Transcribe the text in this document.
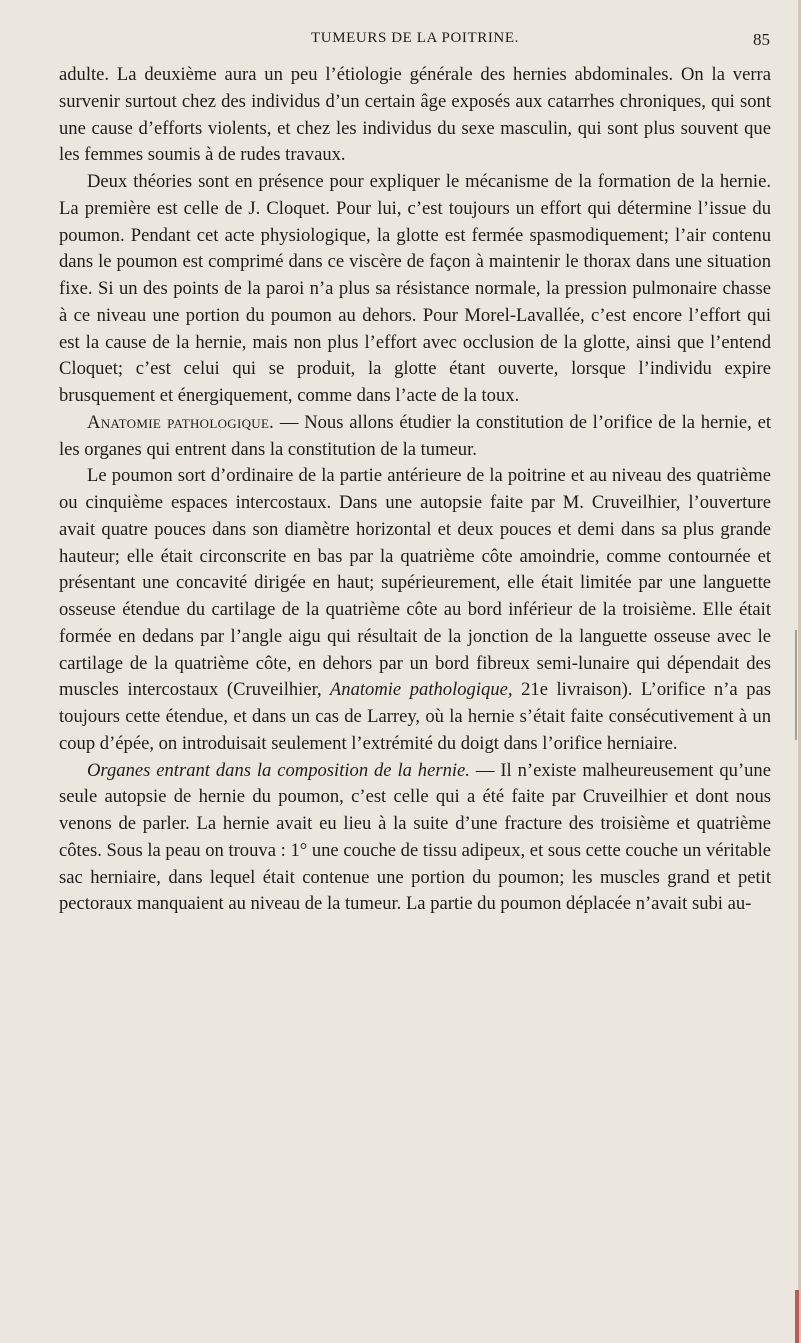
TUMEURS DE LA POITRINE.	85

adulte. La deuxième aura un peu l’étiologie générale des hernies abdominales. On la verra survenir surtout chez des individus d’un certain âge exposés aux catarrhes chroniques, qui sont une cause d’efforts violents, et chez les individus du sexe masculin, qui sont plus souvent que les femmes soumis à de rudes travaux.

Deux théories sont en présence pour expliquer le mécanisme de la formation de la hernie. La première est celle de J. Cloquet. Pour lui, c’est toujours un effort qui détermine l’issue du poumon. Pendant cet acte physiologique, la glotte est fermée spasmodiquement; l’air contenu dans le poumon est comprimé dans ce viscère de façon à maintenir le thorax dans une situation fixe. Si un des points de la paroi n’a plus sa résistance normale, la pression pulmonaire chasse à ce niveau une portion du poumon au dehors. Pour Morel-Lavallée, c’est encore l’effort qui est la cause de la hernie, mais non plus l’effort avec occlusion de la glotte, ainsi que l’entend Cloquet; c’est celui qui se produit, la glotte étant ouverte, lorsque l’individu expire brusquement et énergiquement, comme dans l’acte de la toux.

Anatomie pathologique. — Nous allons étudier la constitution de l’orifice de la hernie, et les organes qui entrent dans la constitution de la tumeur.

Le poumon sort d’ordinaire de la partie antérieure de la poitrine et au niveau des quatrième ou cinquième espaces intercostaux. Dans une autopsie faite par M. Cruveilhier, l’ouverture avait quatre pouces dans son diamètre horizontal et deux pouces et demi dans sa plus grande hauteur; elle était circonscrite en bas par la quatrième côte amoindrie, comme contournée et présentant une concavité dirigée en haut; supérieurement, elle était limitée par une languette osseuse étendue du cartilage de la quatrième côte au bord inférieur de la troisième. Elle était formée en dedans par l’angle aigu qui résultait de la jonction de la languette osseuse avec le cartilage de la quatrième côte, en dehors par un bord fibreux semi-lunaire qui dépendait des muscles intercostaux (Cruveilhier, Anatomie pathologique, 21e livraison). L’orifice n’a pas toujours cette étendue, et dans un cas de Larrey, où la hernie s’était faite consécutivement à un coup d’épée, on introduisait seulement l’extrémité du doigt dans l’orifice herniaire.

Organes entrant dans la composition de la hernie. — Il n’existe malheureusement qu’une seule autopsie de hernie du poumon, c’est celle qui a été faite par Cruveilhier et dont nous venons de parler. La hernie avait eu lieu à la suite d’une fracture des troisième et quatrième côtes. Sous la peau on trouva : 1° une couche de tissu adipeux, et sous cette couche un véritable sac herniaire, dans lequel était contenue une portion du poumon; les muscles grand et petit pectoraux manquaient au niveau de la tumeur. La partie du poumon déplacée n’avait subi au-
